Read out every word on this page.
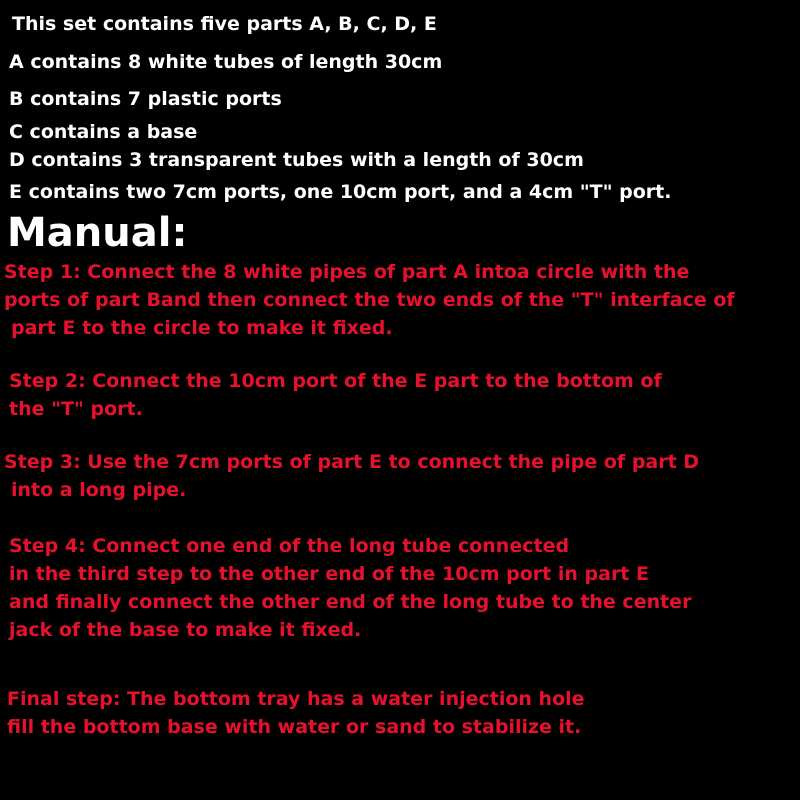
This set contains five parts A, B, C, D, E
A contains 8 white tubes of length 30cm
B contains 7 plastic ports
C contains a base
D contains 3 transparent tubes with a length of 30cm
E contains two 7cm ports, one 10cm port, and a 4cm "T" port.
Manual:
Step 1: Connect the 8 white pipes of part A intoa circle with the
ports of part Band then connect the two ends of the "T" interface of
part E to the circle to make it fixed.
Step 2: Connect the 10cm port of the E part to the bottom of
the "T" port.
Step 3: Use the 7cm ports of part E to connect the pipe of part D
into a long pipe.
Step 4: Connect one end of the long tube connected
in the third step to the other end of the 10cm port in part E
and finally connect the other end of the long tube to the center
jack of the base to make it fixed.
Final step: The bottom tray has a water injection hole
fill the bottom base with water or sand to stabilize it.
